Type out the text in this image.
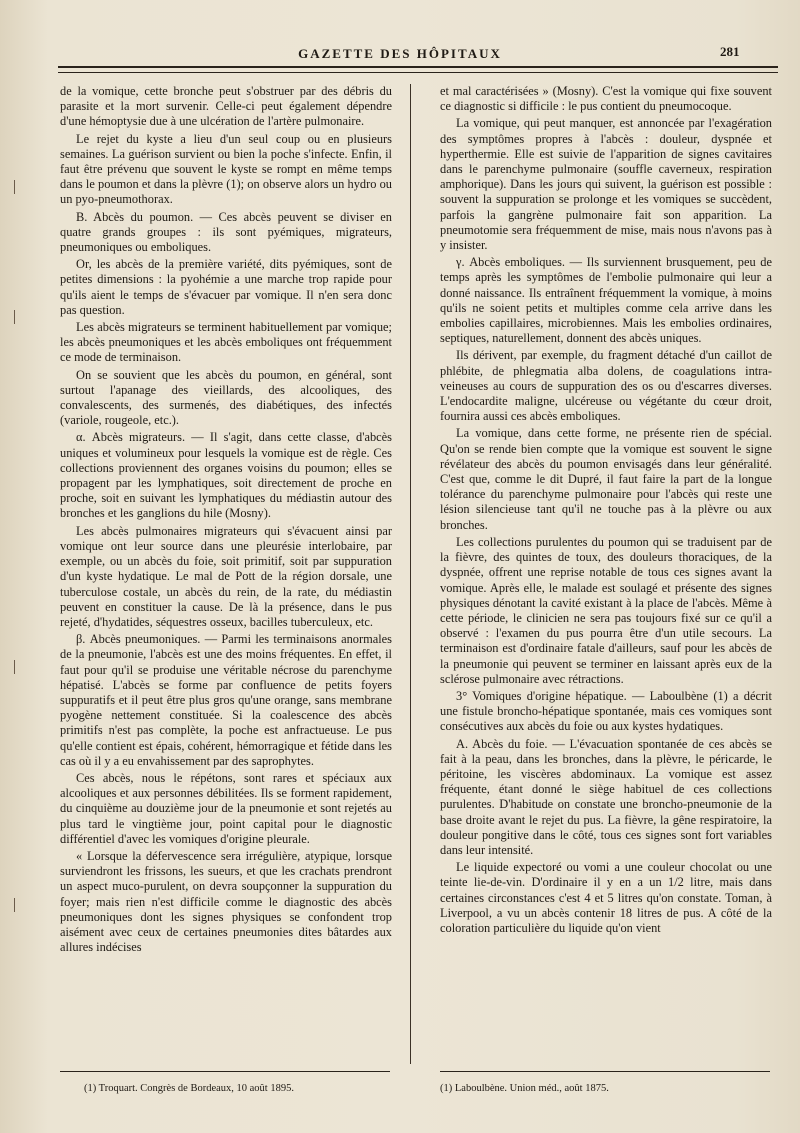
GAZETTE DES HÔPITAUX	281

de la vomique, cette bronche peut s'obstruer par des débris du parasite et la mort survenir. Celle-ci peut également dépendre d'une hémoptysie due à une ulcération de l'artère pulmonaire.

Le rejet du kyste a lieu d'un seul coup ou en plusieurs semaines. La guérison survient ou bien la poche s'infecte. Enfin, il faut être prévenu que souvent le kyste se rompt en même temps dans le poumon et dans la plèvre (1); on observe alors un hydro ou un pyo-pneumothorax.

B. Abcès du poumon. — Ces abcès peuvent se diviser en quatre grands groupes : ils sont pyémiques, migrateurs, pneumoniques ou emboliques.

Or, les abcès de la première variété, dits pyémiques, sont de petites dimensions : la pyohémie a une marche trop rapide pour qu'ils aient le temps de s'évacuer par vomique. Il n'en sera donc pas question.

Les abcès migrateurs se terminent habituellement par vomique; les abcès pneumoniques et les abcès emboliques ont fréquemment ce mode de terminaison.

On se souvient que les abcès du poumon, en général, sont surtout l'apanage des vieillards, des alcooliques, des convalescents, des surmenés, des diabétiques, des infectés (variole, rougeole, etc.).

α. Abcès migrateurs. — Il s'agit, dans cette classe, d'abcès uniques et volumineux pour lesquels la vomique est de règle. Ces collections proviennent des organes voisins du poumon; elles se propagent par les lymphatiques, soit directement de proche en proche, soit en suivant les lymphatiques du médiastin autour des bronches et les ganglions du hile (Mosny).

Les abcès pulmonaires migrateurs qui s'évacuent ainsi par vomique ont leur source dans une pleurésie interlobaire, par exemple, ou un abcès du foie, soit primitif, soit par suppuration d'un kyste hydatique. Le mal de Pott de la région dorsale, une tuberculose costale, un abcès du rein, de la rate, du médiastin peuvent en constituer la cause. De là la présence, dans le pus rejeté, d'hydatides, séquestres osseux, bacilles tuberculeux, etc.

β. Abcès pneumoniques. — Parmi les terminaisons anormales de la pneumonie, l'abcès est une des moins fréquentes. En effet, il faut pour qu'il se produise une véritable nécrose du parenchyme hépatisé. L'abcès se forme par confluence de petits foyers suppuratifs et il peut être plus gros qu'une orange, sans membrane pyogène nettement constituée. Si la coalescence des abcès primitifs n'est pas complète, la poche est anfractueuse. Le pus qu'elle contient est épais, cohérent, hémorragique et fétide dans les cas où il y a eu envahissement par des saprophytes.

Ces abcès, nous le répétons, sont rares et spéciaux aux alcooliques et aux personnes débilitées. Ils se forment rapidement, du cinquième au douzième jour de la pneumonie et sont rejetés au plus tard le vingtième jour, point capital pour le diagnostic différentiel d'avec les vomiques d'origine pleurale.

« Lorsque la défervescence sera irrégulière, atypique, lorsque surviendront les frissons, les sueurs, et que les crachats prendront un aspect muco-purulent, on devra soupçonner la suppuration du foyer; mais rien n'est difficile comme le diagnostic des abcès pneumoniques dont les signes physiques se confondent trop aisément avec ceux de certaines pneumonies dites bâtardes aux allures indécises

et mal caractérisées » (Mosny). C'est la vomique qui fixe souvent ce diagnostic si difficile : le pus contient du pneumocoque.

La vomique, qui peut manquer, est annoncée par l'exagération des symptômes propres à l'abcès : douleur, dyspnée et hyperthermie. Elle est suivie de l'apparition de signes cavitaires dans le parenchyme pulmonaire (souffle caverneux, respiration amphorique). Dans les jours qui suivent, la guérison est possible : souvent la suppuration se prolonge et les vomiques se succèdent, parfois la gangrène pulmonaire fait son apparition. La pneumotomie sera fréquemment de mise, mais nous n'avons pas à y insister.

γ. Abcès emboliques. — Ils surviennent brusquement, peu de temps après les symptômes de l'embolie pulmonaire qui leur a donné naissance. Ils entraînent fréquemment la vomique, à moins qu'ils ne soient petits et multiples comme cela arrive dans les embolies capillaires, microbiennes. Mais les embolies ordinaires, septiques, naturellement, donnent des abcès uniques.

Ils dérivent, par exemple, du fragment détaché d'un caillot de phlébite, de phlegmatia alba dolens, de coagulations intra-veineuses au cours de suppuration des os ou d'escarres diverses. L'endocardite maligne, ulcéreuse ou végétante du cœur droit, fournira aussi ces abcès emboliques.

La vomique, dans cette forme, ne présente rien de spécial. Qu'on se rende bien compte que la vomique est souvent le signe révélateur des abcès du poumon envisagés dans leur généralité. C'est que, comme le dit Dupré, il faut faire la part de la longue tolérance du parenchyme pulmonaire pour l'abcès qui reste une lésion silencieuse tant qu'il ne touche pas à la plèvre ou aux bronches.

Les collections purulentes du poumon qui se traduisent par de la fièvre, des quintes de toux, des douleurs thoraciques, de la dyspnée, offrent une reprise notable de tous ces signes avant la vomique. Après elle, le malade est soulagé et présente des signes physiques dénotant la cavité existant à la place de l'abcès. Même à cette période, le clinicien ne sera pas toujours fixé sur ce qu'il a observé : l'examen du pus pourra être d'un utile secours. La terminaison est d'ordinaire fatale d'ailleurs, sauf pour les abcès de la pneumonie qui peuvent se terminer en laissant après eux de la sclérose pulmonaire avec rétractions.

3° Vomiques d'origine hépatique. — Laboulbène (1) a décrit une fistule broncho-hépatique spontanée, mais ces vomiques sont consécutives aux abcès du foie ou aux kystes hydatiques.

A. Abcès du foie. — L'évacuation spontanée de ces abcès se fait à la peau, dans les bronches, dans la plèvre, le péricarde, le péritoine, les viscères abdominaux. La vomique est assez fréquente, étant donné le siège habituel de ces collections purulentes. D'habitude on constate une broncho-pneumonie de la base droite avant le rejet du pus. La fièvre, la gêne respiratoire, la douleur pongitive dans le côté, tous ces signes sont fort variables dans leur intensité.

Le liquide expectoré ou vomi a une couleur chocolat ou une teinte lie-de-vin. D'ordinaire il y en a un 1/2 litre, mais dans certaines circonstances c'est 4 et 5 litres qu'on constate. Toman, à Liverpool, a vu un abcès contenir 18 litres de pus. A côté de la coloration particulière du liquide qu'on vient

(1) Troquart. Congrès de Bordeaux, 10 août 1895.	(1) Laboulbène. Union méd., août 1875.
